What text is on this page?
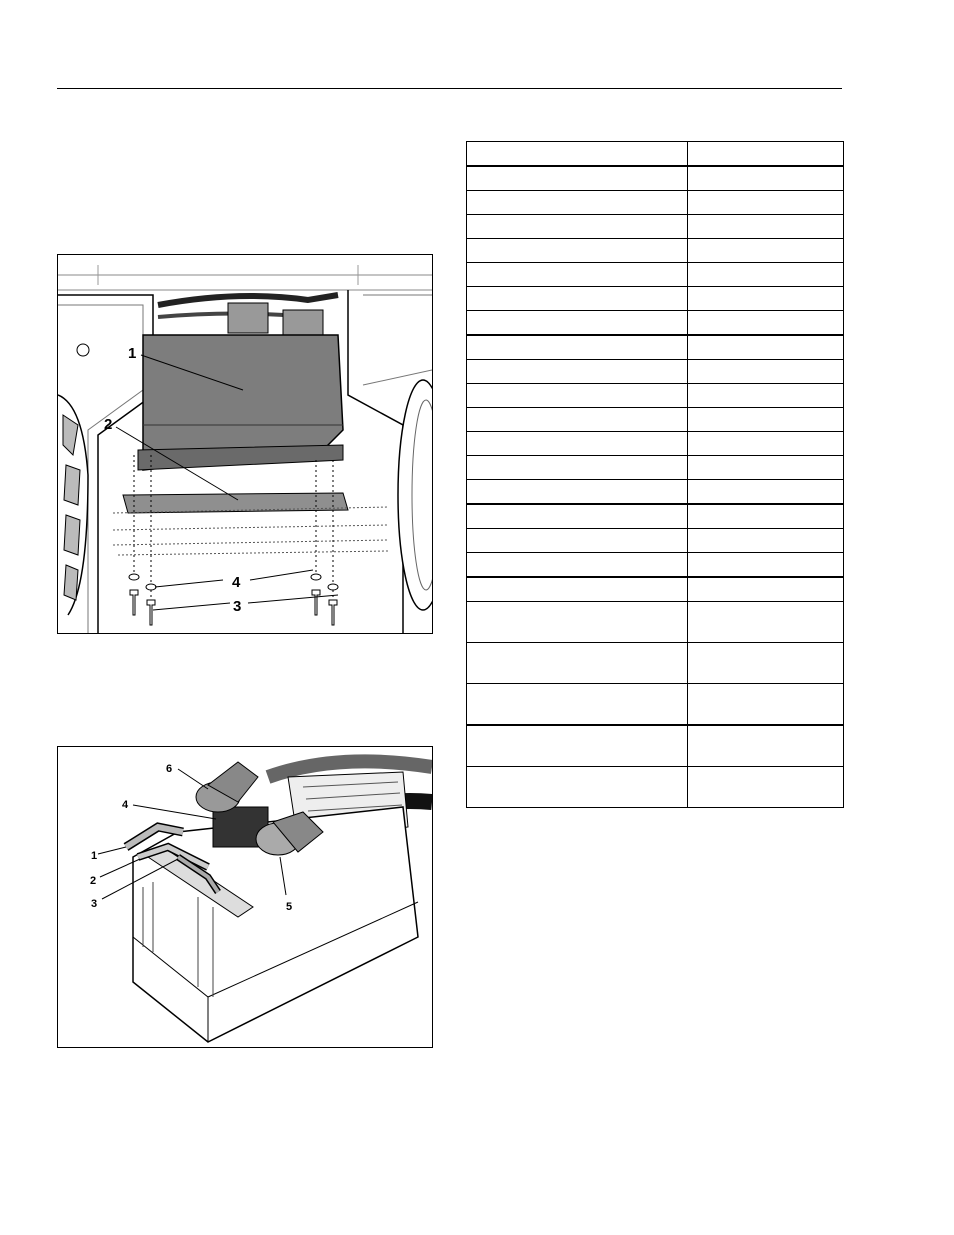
1
2
3
4
1
2
3
4
5
6
